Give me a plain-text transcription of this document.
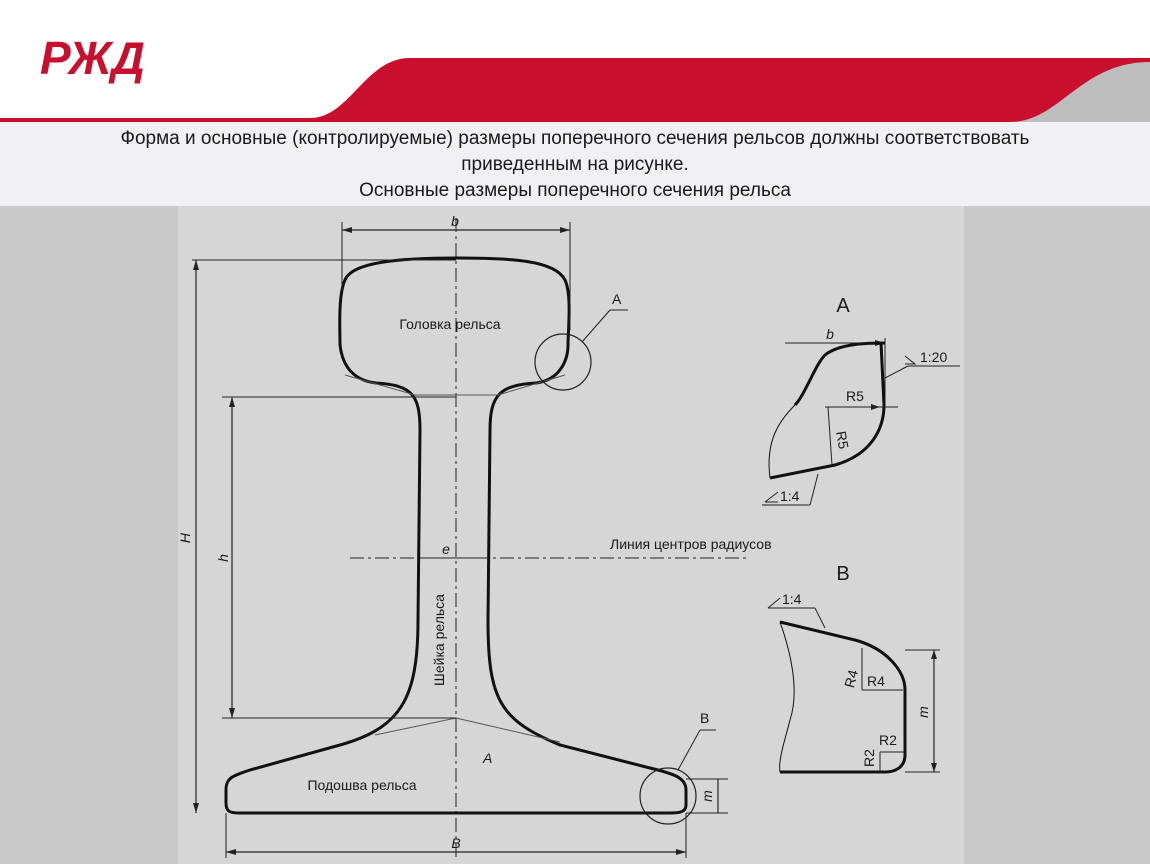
РЖД
Форма и основные (контролируемые) размеры поперечного сечения рельсов должны соответствовать
приведенным на рисунке.
Основные размеры поперечного сечения рельса
Головка рельса
Подошва рельса
Шейка рельса
Линия центров радиусов
A
b
H
h
e
B
m
A
B
A
b
R5
R5
1:20
1:4
B
1:4
m
R4 R4
R2
R2
